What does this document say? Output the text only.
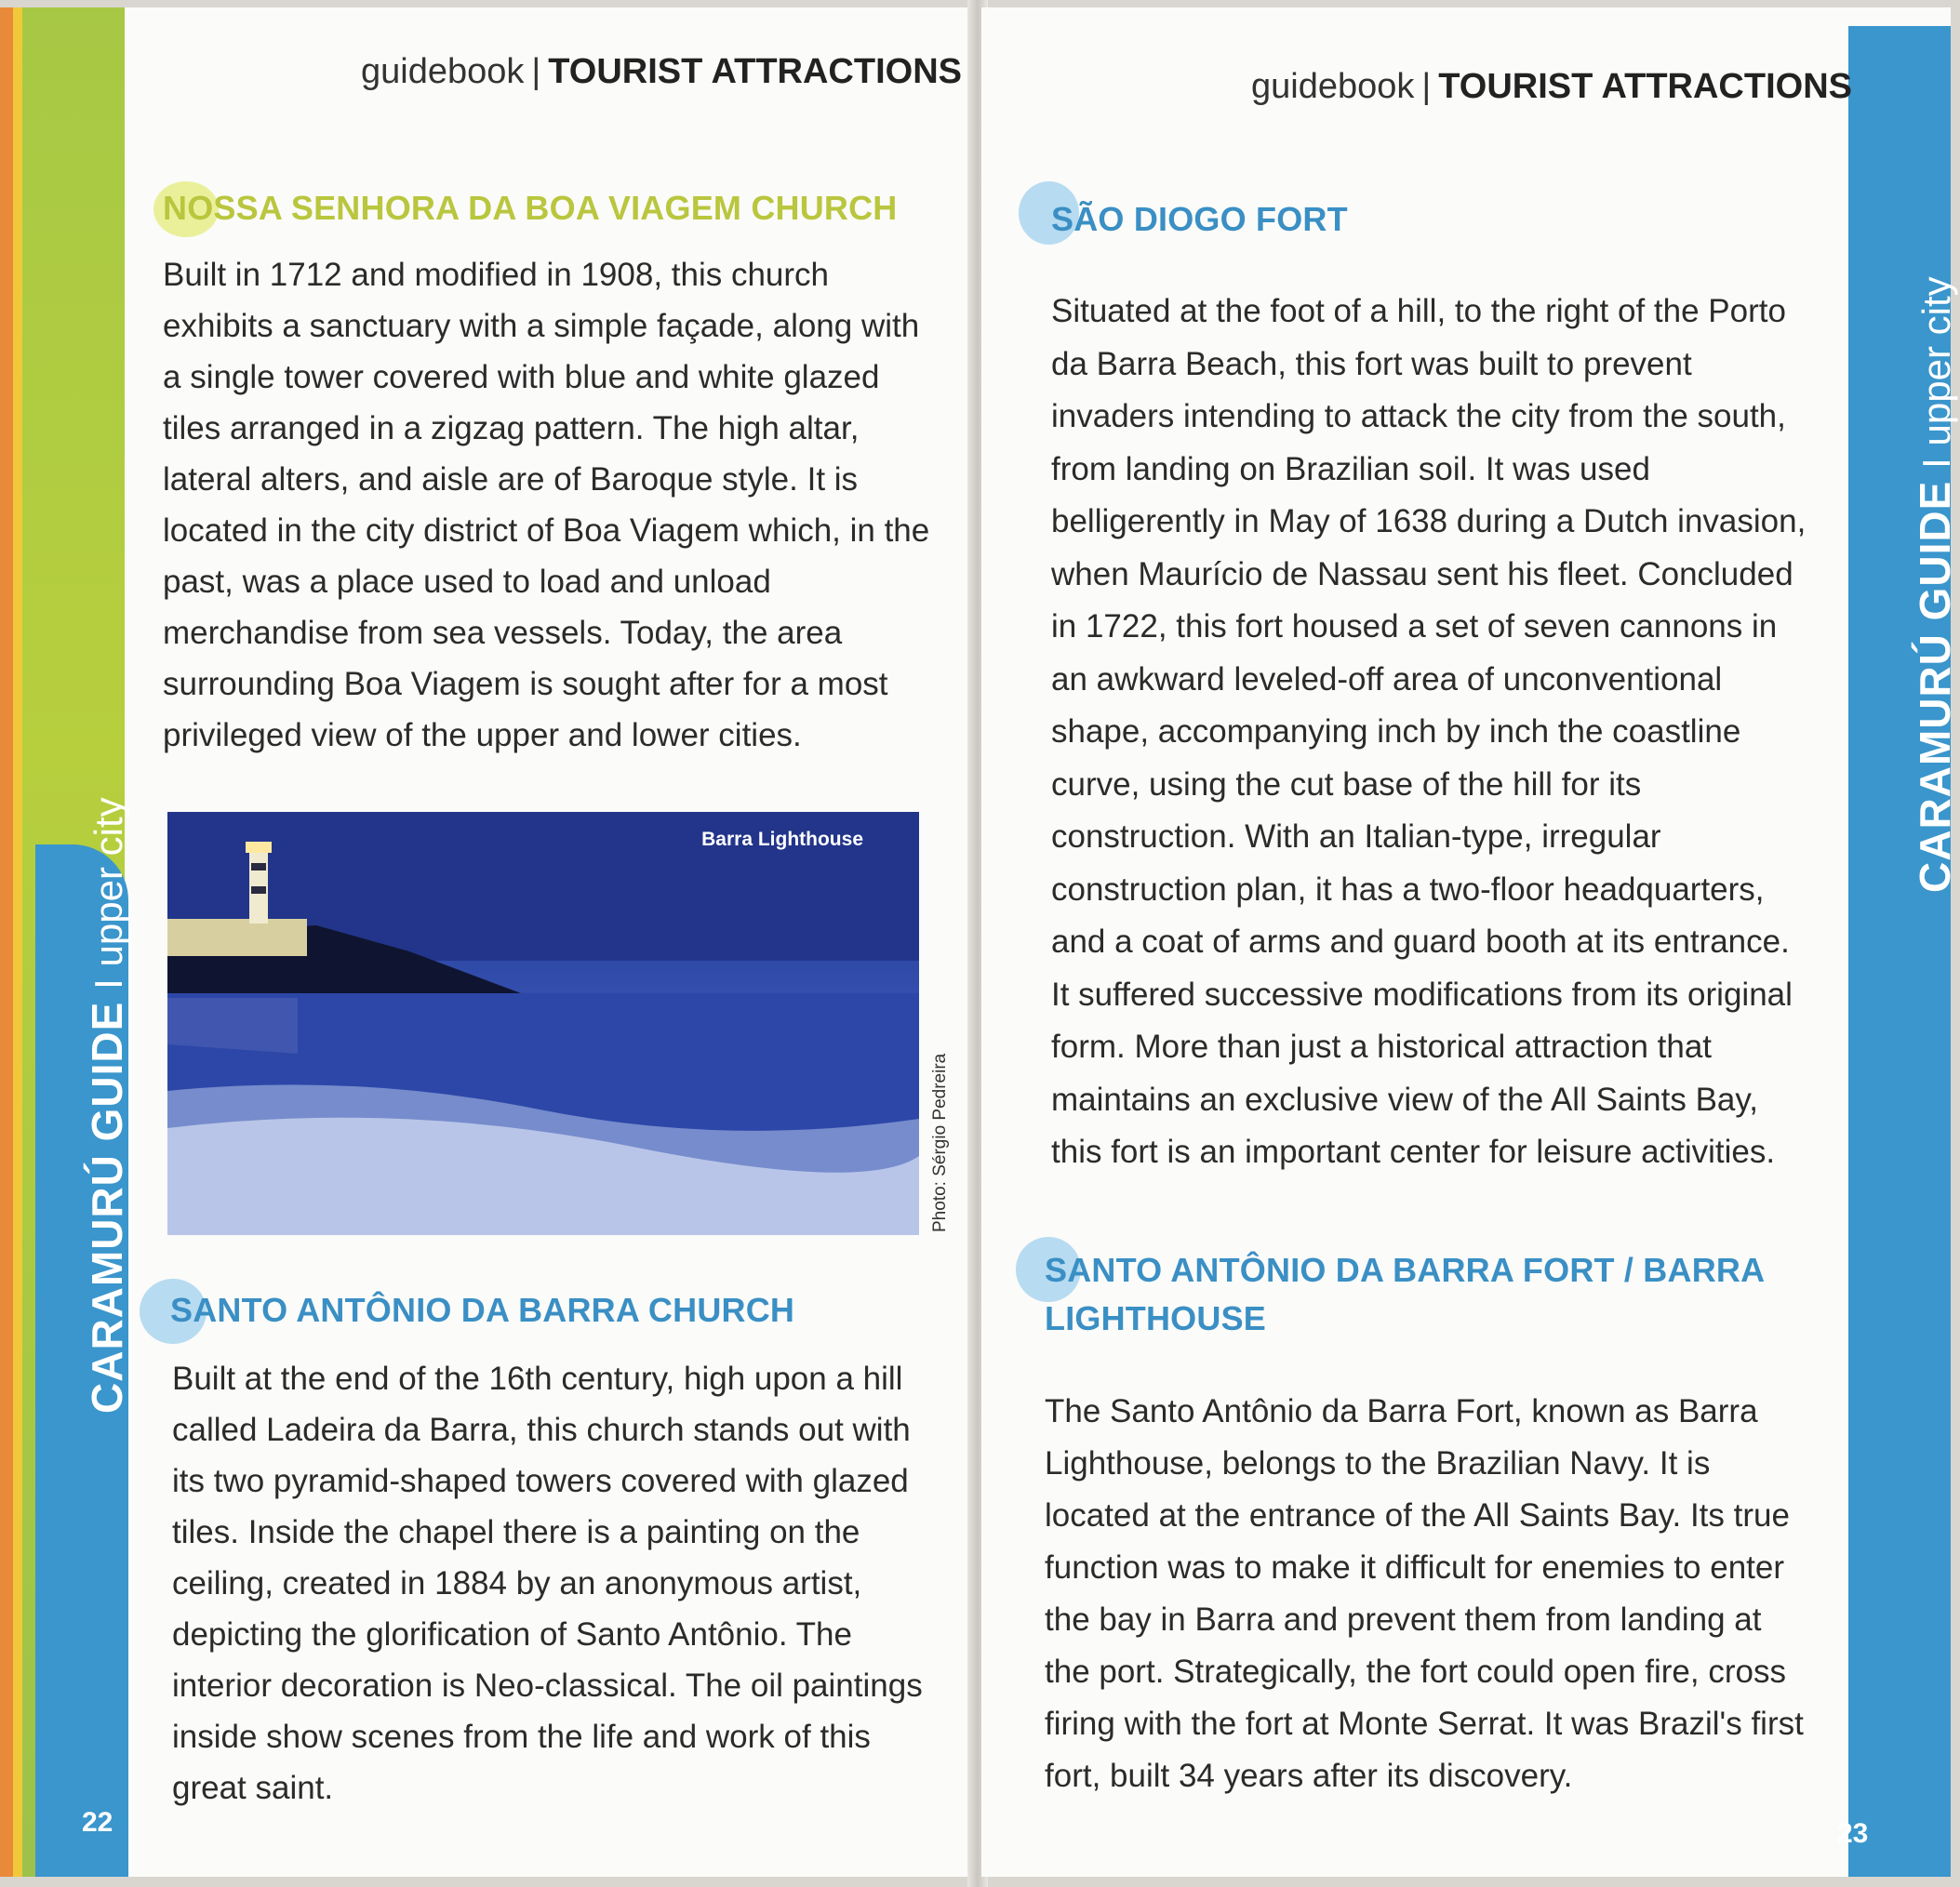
CARAMURÚ GUIDE I upper city
22
guidebook | TOURIST ATTRACTIONS
NOSSA SENHORA DA BOA VIAGEM CHURCH
Built in 1712 and modified in 1908, this church
exhibits a sanctuary with a simple façade, along with
a single tower covered with blue and white glazed
tiles arranged in a zigzag pattern. The high altar,
lateral alters, and aisle are of Baroque style. It is
located in the city district of Boa Viagem which, in the
past, was a place used to load and unload
merchandise from sea vessels. Today, the area
surrounding Boa Viagem is sought after for a most
privileged view of the upper and lower cities.
Barra Lighthouse
Photo: Sérgio Pedreira
SANTO ANTÔNIO DA BARRA CHURCH
Built at the end of the 16th century, high upon a hill
called Ladeira da Barra, this church stands out with
its two pyramid-shaped towers covered with glazed
tiles. Inside the chapel there is a painting on the
ceiling, created in 1884 by an anonymous artist,
depicting the glorification of Santo Antônio. The
interior decoration is Neo-classical. The oil paintings
inside show scenes from the life and work of this
great saint.
CARAMURÚ GUIDE I upper city
23
guidebook | TOURIST ATTRACTIONS
SÃO DIOGO FORT
Situated at the foot of a hill, to the right of the Porto
da Barra Beach, this fort was built to prevent
invaders intending to attack the city from the south,
from landing on Brazilian soil. It was used
belligerently in May of 1638 during a Dutch invasion,
when Maurício de Nassau sent his fleet. Concluded
in 1722, this fort housed a set of seven cannons in
an awkward leveled-off area of unconventional
shape, accompanying inch by inch the coastline
curve, using the cut base of the hill for its
construction. With an Italian-type, irregular
construction plan, it has a two-floor headquarters,
and a coat of arms and guard booth at its entrance.
It suffered successive modifications from its original
form. More than just a historical attraction that
maintains an exclusive view of the All Saints Bay,
this fort is an important center for leisure activities.
SANTO ANTÔNIO DA BARRA FORT / BARRA
LIGHTHOUSE
The Santo Antônio da Barra Fort, known as Barra
Lighthouse, belongs to the Brazilian Navy. It is
located at the entrance of the All Saints Bay. Its true
function was to make it difficult for enemies to enter
the bay in Barra and prevent them from landing at
the port. Strategically, the fort could open fire, cross
firing with the fort at Monte Serrat. It was Brazil's first
fort, built 34 years after its discovery.
